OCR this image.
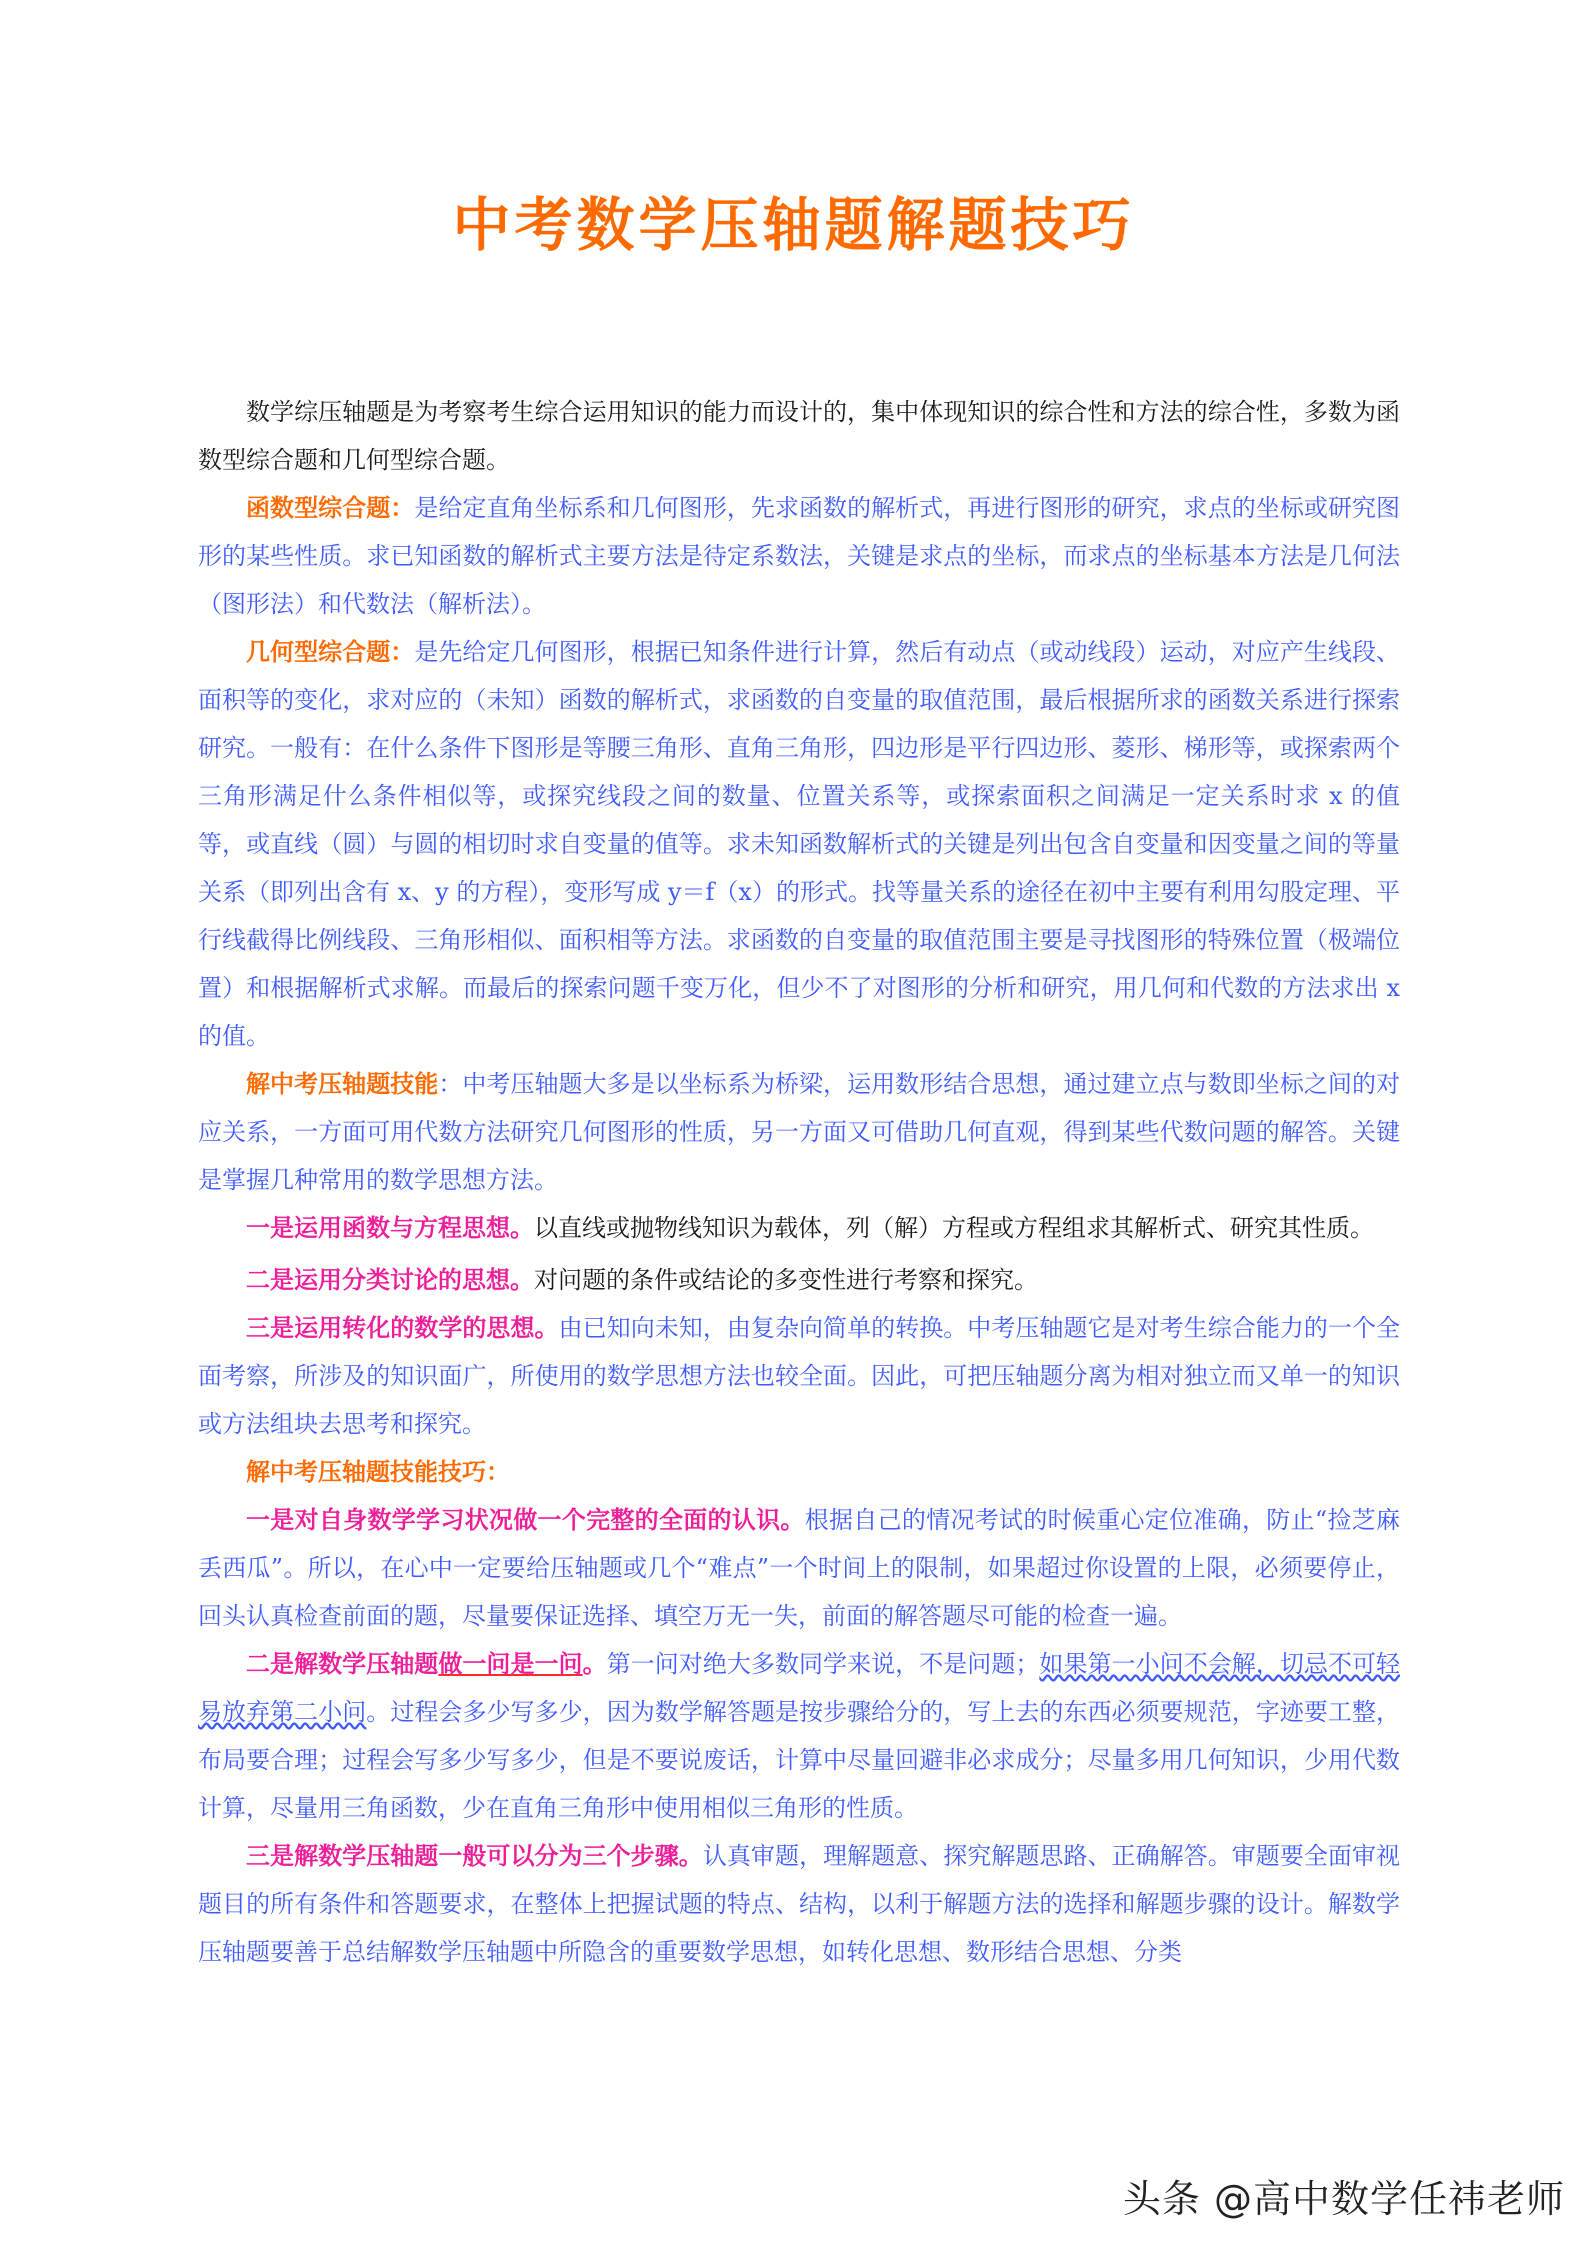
中考数学压轴题解题技巧

数学综压轴题是为考察考生综合运用知识的能力而设计的，集中体现知识的综合性和方法的综合性，多数为函数型综合题和几何型综合题。

函数型综合题：是给定直角坐标系和几何图形，先求函数的解析式，再进行图形的研究，求点的坐标或研究图形的某些性质。求已知函数的解析式主要方法是待定系数法，关键是求点的坐标，而求点的坐标基本方法是几何法（图形法）和代数法（解析法）。

几何型综合题：是先给定几何图形，根据已知条件进行计算，然后有动点（或动线段）运动，对应产生线段、面积等的变化，求对应的（未知）函数的解析式，求函数的自变量的取值范围，最后根据所求的函数关系进行探索研究。一般有：在什么条件下图形是等腰三角形、直角三角形，四边形是平行四边形、菱形、梯形等，或探索两个三角形满足什么条件相似等，或探究线段之间的数量、位置关系等，或探索面积之间满足一定关系时求 x 的值等，或直线（圆）与圆的相切时求自变量的值等。求未知函数解析式的关键是列出包含自变量和因变量之间的等量关系（即列出含有 x、y 的方程），变形写成 y＝f（x）的形式。找等量关系的途径在初中主要有利用勾股定理、平行线截得比例线段、三角形相似、面积相等方法。求函数的自变量的取值范围主要是寻找图形的特殊位置（极端位置）和根据解析式求解。而最后的探索问题千变万化，但少不了对图形的分析和研究，用几何和代数的方法求出 x 的值。

解中考压轴题技能：中考压轴题大多是以坐标系为桥梁，运用数形结合思想，通过建立点与数即坐标之间的对应关系，一方面可用代数方法研究几何图形的性质，另一方面又可借助几何直观，得到某些代数问题的解答。关键是掌握几种常用的数学思想方法。

一是运用函数与方程思想。以直线或抛物线知识为载体，列（解）方程或方程组求其解析式、研究其性质。

二是运用分类讨论的思想。对问题的条件或结论的多变性进行考察和探究。

三是运用转化的数学的思想。由已知向未知，由复杂向简单的转换。中考压轴题它是对考生综合能力的一个全面考察，所涉及的知识面广，所使用的数学思想方法也较全面。因此，可把压轴题分离为相对独立而又单一的知识或方法组块去思考和探究。

解中考压轴题技能技巧：

一是对自身数学学习状况做一个完整的全面的认识。根据自己的情况考试的时候重心定位准确，防止“捡芝麻丢西瓜”。所以，在心中一定要给压轴题或几个“难点”一个时间上的限制，如果超过你设置的上限，必须要停止，回头认真检查前面的题，尽量要保证选择、填空万无一失，前面的解答题尽可能的检查一遍。

二是解数学压轴题做一问是一问。第一问对绝大多数同学来说，不是问题；如果第一小问不会解，切忌不可轻易放弃第二小问。过程会多少写多少，因为数学解答题是按步骤给分的，写上去的东西必须要规范，字迹要工整，布局要合理；过程会写多少写多少，但是不要说废话，计算中尽量回避非必求成分；尽量多用几何知识，少用代数计算，尽量用三角函数，少在直角三角形中使用相似三角形的性质。

三是解数学压轴题一般可以分为三个步骤。认真审题，理解题意、探究解题思路、正确解答。审题要全面审视题目的所有条件和答题要求，在整体上把握试题的特点、结构，以利于解题方法的选择和解题步骤的设计。解数学压轴题要善于总结解数学压轴题中所隐含的重要数学思想，如转化思想、数形结合思想、分类

头条 @高中数学任祎老师
